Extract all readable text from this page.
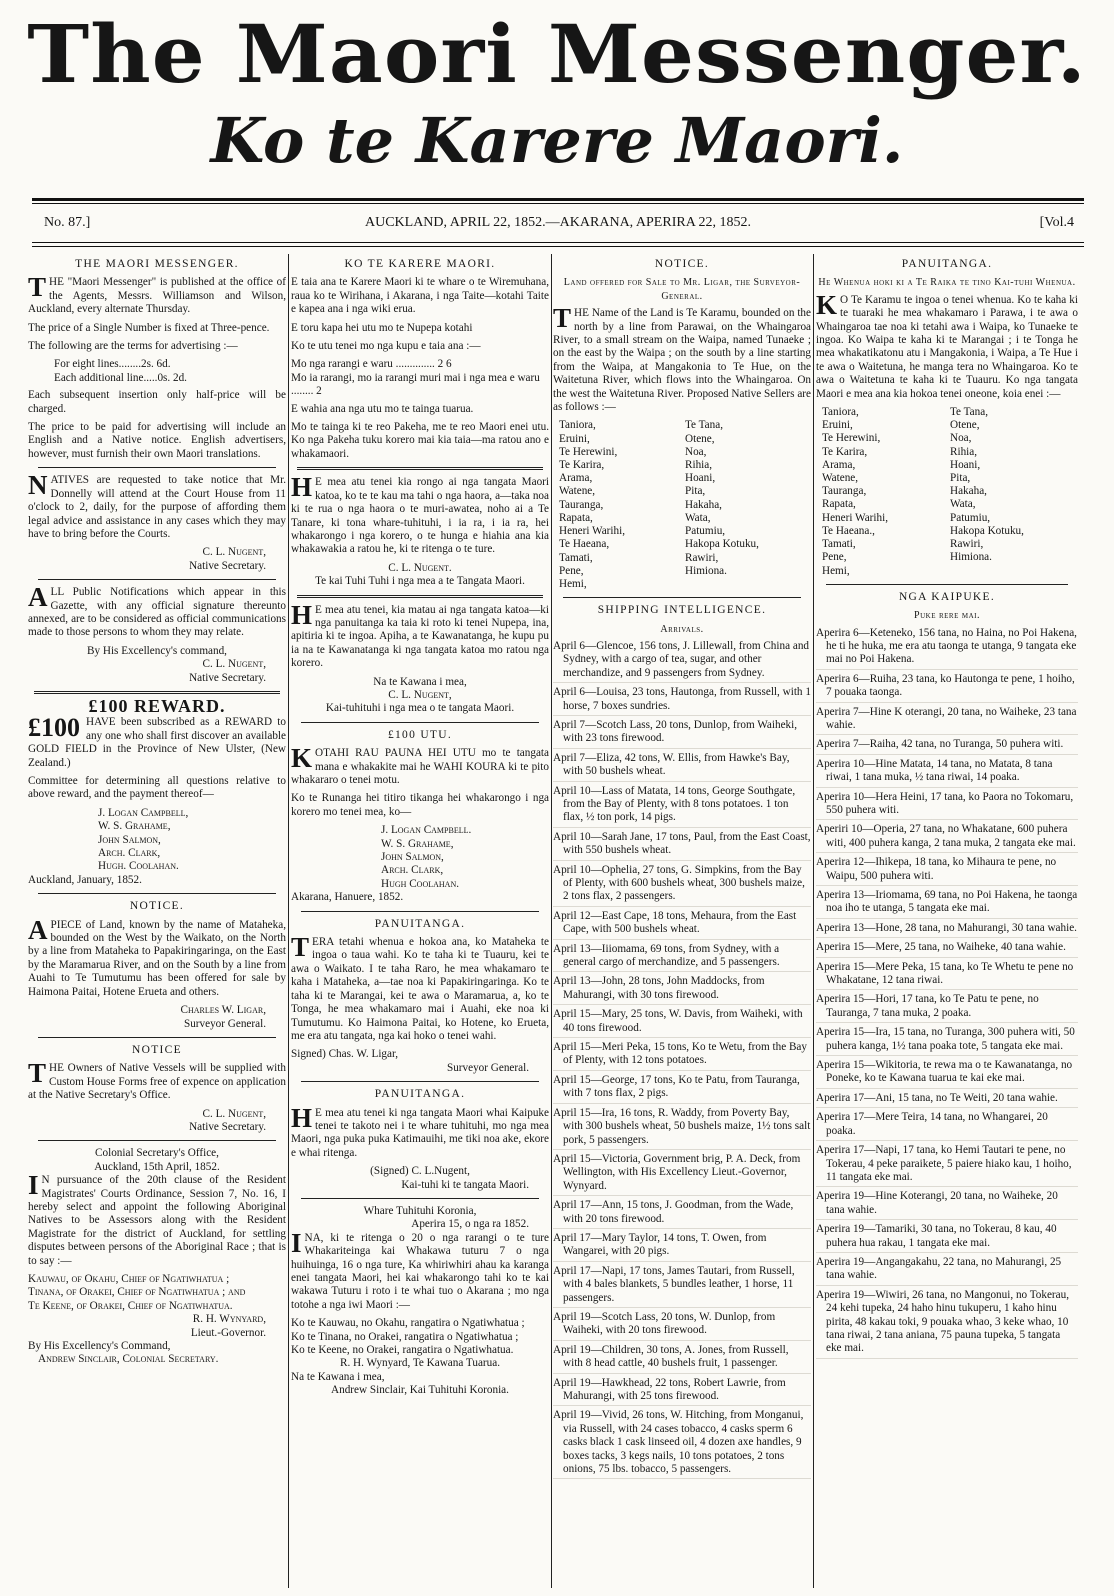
The Maori Messenger.
Ko te Karere Maori.
No. 87.]	AUCKLAND, APRIL 22, 1852.—AKARANA, APERIRA 22, 1852.	[Vol.4
THE MAORI MESSENGER.

THE "Maori Messenger" is published at the office of the Agents, Messrs. Williamson and Wilson, Auckland, every alternate Thursday.

The price of a Single Number is fixed at Three-pence.

The following are the terms for advertising :—

For eight lines........2s. 6d.
Each additional line.....0s. 2d.

Each subsequent insertion only half-price will be charged.

The price to be paid for advertising will include an English and a Native notice. English advertisers, however, must furnish their own Maori translations.

NATIVES are requested to take notice that Mr. Donnelly will attend at the Court House from 11 o'clock to 2, daily, for the purpose of affording them legal advice and assistance in any cases which they may have to bring before the Courts.

C. L. Nugent,
Native Secretary.

ALL Public Notifications which appear in this Gazette, with any official signature thereunto annexed, are to be considered as official communications made to those persons to whom they may relate.

By His Excellency's command,
C. L. Nugent,
Native Secretary.
£100 REWARD.

£100 HAVE been subscribed as a REWARD to any one who shall first discover an available GOLD FIELD in the Province of New Ulster, (New Zealand.)

Committee for determining all questions relative to above reward, and the payment thereof—

J. Logan Campbell,
W. S. Grahame,
John Salmon,
Arch. Clark,
Hugh. Coolahan.
Auckland, January, 1852.
NOTICE.

APIECE of Land, known by the name of Mataheka, bounded on the West by the Waikato, on the North by a line from Mataheka to Papakiringaringa, on the East by the Maramarua River, and on the South by a line from Auahi to Te Tumutumu has been offered for sale by Haimona Paitai, Hotene Erueta and others.

Charles W. Ligar,
Surveyor General.
NOTICE

THE Owners of Native Vessels will be supplied with Custom House Forms free of expence on application at the Native Secretary's Office.

C. L. Nugent,
Native Secretary.
Colonial Secretary's Office,
Auckland, 15th April, 1852.

IN pursuance of the 20th clause of the Resident Magistrates' Courts Ordinance, Session 7, No. 16, I hereby select and appoint the following Aboriginal Natives to be Assessors along with the Resident Magistrate for the district of Auckland, for settling disputes between persons of the Aboriginal Race ; that is to say :—

Kauwau, of Okahu, Chief of Ngatiwhatua ;
Tinana, of Orakei, Chief of Ngatiwhatua ; and
Te Keene, of Orakei, Chief of Ngatiwhatua.
R. H. Wynyard,
Lieut.-Governor.
By His Excellency's Command,
Andrew Sinclair, Colonial Secretary.
KO TE KARERE MAORI.

E taia ana te Karere Maori ki te whare o te Wiremuhana, raua ko te Wirihana, i Akarana, i nga Taite—kotahi Taite e kapea ana i nga wiki erua.

E toru kapa hei utu mo te Nupepa kotahi

Ko te utu tenei mo nga kupu e taia ana :—

Mo nga rarangi e waru .............. 2 6
Mo ia rarangi, mo ia rarangi muri mai i nga mea e waru ........ 2

E wahia ana nga utu mo te tainga tuarua.

Mo te tainga ki te reo Pakeha, me te reo Maori enei utu. Ko nga Pakeha tuku korero mai kia taia—ma ratou ano e whakamaori.

HE mea atu tenei kia rongo ai nga tangata Maori katoa, ko te te kau ma tahi o nga haora, a—taka noa ki te rua o nga haora o te muri-awatea, noho ai a Te Tanare, ki tona whare-tuhituhi, i ia ra, i ia ra, hei whakarongo i nga korero, o te hunga e hiahia ana kia whakawakia a ratou he, ki te ritenga o te ture.

C. L. Nugent.
Te kai Tuhi Tuhi i nga mea a te Tangata Maori.

HE mea atu tenei, kia matau ai nga tangata katoa—ki nga panuitanga ka taia ki roto ki tenei Nupepa, ina, apitiria ki te ingoa. Apiha, a te Kawanatanga, he kupu pu ia na te Kawanatanga ki nga tangata katoa mo ratou nga korero.

Na te Kawana i mea,
C. L. Nugent,
Kai-tuhituhi i nga mea o te tangata Maori.
£100 UTU.

KOTAHI RAU PAUNA HEI UTU mo te tangata mana e whakakite mai he WAHI KOURA ki te pito whakararo o tenei motu.

Ko te Runanga hei titiro tikanga hei whakarongo i nga korero mo tenei mea, ko—

J. Logan Campbell.
W. S. Grahame,
John Salmon,
Arch. Clark,
Hugh Coolahan.
Akarana, Hanuere, 1852.
PANUITANGA.

TERA tetahi whenua e hokoa ana, ko Mataheka te ingoa o taua wahi. Ko te taha ki te Tuauru, kei te awa o Waikato. I te taha Raro, he mea whakamaro te kaha i Mataheka, a—tae noa ki Papakiringaringa. Ko te taha ki te Marangai, kei te awa o Maramarua, a, ko te Tonga, he mea whakamaro mai i Auahi, eke noa ki Tumutumu. Ko Haimona Paitai, ko Hotene, ko Erueta, me era atu tangata, nga kai hoko o tenei wahi.

Signed) Chas. W. Ligar,
Surveyor General.
PANUITANGA.

HE mea atu tenei ki nga tangata Maori whai Kaipuke tenei te takoto nei i te whare tuhituhi, mo nga mea Maori, nga puka puka Katimauihi, me tiki noa ake, ekore e whai ritenga.

(Signed) C. L.Nugent,
Kai-tuhi ki te tangata Maori.
Whare Tuhituhi Koronia,
Aperira 15, o nga ra 1852.

INA, ki te ritenga o 20 o nga rarangi o te ture Whakariteinga kai Whakawa tuturu 7 o nga huihuinga, 16 o nga ture, Ka whiriwhiri ahau ka karanga enei tangata Maori, hei kai whakarongo tahi ko te kai wakawa Tuturu i roto i te whai tuo o Akarana ; mo nga totohe a nga iwi Maori :—

Ko te Kauwau, no Okahu, rangatira o Ngatiwhatua ;
Ko te Tinana, no Orakei, rangatira o Ngatiwhatua ;
Ko te Keene, no Orakei, rangatira o Ngatiwhatua.
R. H. Wynyard, Te Kawana Tuarua.
Na te Kawana i mea,
Andrew Sinclair, Kai Tuhituhi Koronia.
NOTICE.
Land offered for Sale to Mr. Ligar, the Surveyor-General.

THE Name of the Land is Te Karamu, bounded on the north by a line from Parawai, on the Whaingaroa River, to a small stream on the Waipa, named Tunaeke ; on the east by the Waipa ; on the south by a line starting from the Waipa, at Mangakonia to Te Hue, on the Waitetuna River, which flows into the Whaingaroa. On the west the Waitetuna River. Proposed Native Sellers are as follows :—

Taniora,	Te Tana,
Eruini,	Otene,
Te Herewini,	Noa,
Te Karira,	Rihia,
Arama,	Hoani,
Watene,	Pita,
Tauranga,	Hakaha,
Rapata,	Wata,
Heneri Warihi,	Patumiu,
Te Haeana,	Hakopa Kotuku,
Tamati,	Rawiri,
Pene,	Himiona.
Hemi,
SHIPPING INTELLIGENCE.
Arrivals.

April 6—Glencoe, 156 tons, J. Lillewall, from China and Sydney, with a cargo of tea, sugar, and other merchandize, and 9 passengers from Sydney.

April 6—Louisa, 23 tons, Hautonga, from Russell, with 1 horse, 7 boxes sundries.

April 7—Scotch Lass, 20 tons, Dunlop, from Waiheki, with 23 tons firewood.

April 7—Eliza, 42 tons, W. Ellis, from Hawke's Bay, with 50 bushels wheat.

April 10—Lass of Matata, 14 tons, George Southgate, from the Bay of Plenty, with 8 tons potatoes. 1 ton flax, ½ ton pork, 14 pigs.

April 10—Sarah Jane, 17 tons, Paul, from the East Coast, with 550 bushels wheat.

April 10—Ophelia, 27 tons, G. Simpkins, from the Bay of Plenty, with 600 bushels wheat, 300 bushels maize, 2 tons flax, 2 passengers.

April 12—East Cape, 18 tons, Mehaura, from the East Cape, with 500 bushels wheat.

April 13—Iiiomama, 69 tons, from Sydney, with a general cargo of merchandize, and 5 passengers.

April 13—John, 28 tons, John Maddocks, from Mahurangi, with 30 tons firewood.

April 15—Mary, 25 tons, W. Davis, from Waiheki, with 40 tons firewood.

April 15—Meri Peka, 15 tons, Ko te Wetu, from the Bay of Plenty, with 12 tons potatoes.

April 15—George, 17 tons, Ko te Patu, from Tauranga, with 7 tons flax, 2 pigs.

April 15—Ira, 16 tons, R. Waddy, from Poverty Bay, with 300 bushels wheat, 50 bushels maize, 1½ tons salt pork, 5 passengers.

April 15—Victoria, Government brig, P. A. Deck, from Wellington, with His Excellency Lieut.-Governor, Wynyard.

April 17—Ann, 15 tons, J. Goodman, from the Wade, with 20 tons firewood.

April 17—Mary Taylor, 14 tons, T. Owen, from Wangarei, with 20 pigs.

April 17—Napi, 17 tons, James Tautari, from Russell, with 4 bales blankets, 5 bundles leather, 1 horse, 11 passengers.

April 19—Scotch Lass, 20 tons, W. Dunlop, from Waiheki, with 20 tons firewood.

April 19—Children, 30 tons, A. Jones, from Russell, with 8 head cattle, 40 bushels fruit, 1 passenger.

April 19—Hawkhead, 22 tons, Robert Lawrie, from Mahurangi, with 25 tons firewood.

April 19—Vivid, 26 tons, W. Hitching, from Monganui, via Russell, with 24 cases tobacco, 4 casks sperm 6 casks black 1 cask linseed oil, 4 dozen axe handles, 9 boxes tacks, 3 kegs nails, 10 tons potatoes, 2 tons onions, 75 lbs. tobacco, 5 passengers.

PANUITANGA.
He Whenua hoki ki a Te Raika te tino Kai-tuhi Whenua.

KO Te Karamu te ingoa o tenei whenua. Ko te kaha ki te tuaraki he mea whakamaro i Parawa, i te awa o Whaingaroa tae noa ki tetahi awa i Waipa, ko Tunaeke te ingoa. Ko Waipa te kaha ki te Marangai ; i te Tonga he mea whakatikatonu atu i Mangakonia, i Waipa, a Te Hue i te awa o Waitetuna, he manga tera no Whaingaroa. Ko te awa o Waitetuna te kaha ki te Tuauru. Ko nga tangata Maori e mea ana kia hokoa tenei oneone, koia enei :—

Taniora,	Te Tana,
Eruini,	Otene,
Te Herewini,	Noa,
Te Karira,	Rihia,
Arama,	Hoani,
Watene,	Pita,
Tauranga,	Hakaha,
Rapata,	Wata,
Heneri Warihi,	Patumiu,
Te Haeana.,	Hakopa Kotuku,
Tamati,	Rawiri,
Pene,	Himiona.
Hemi,
NGA KAIPUKE.
Puke rere mai.

Aperira 6—Keteneko, 156 tana, no Haina, no Poi Hakena, he ti he huka, me era atu taonga te utanga, 9 tangata eke mai no Poi Hakena.

Aperira 6—Ruiha, 23 tana, ko Hautonga te pene, 1 hoiho, 7 pouaka taonga.

Aperira 7—Hine K oterangi, 20 tana, no Waiheke, 23 tana wahie.

Aperira 7—Raiha, 42 tana, no Turanga, 50 puhera witi.

Aperira 10—Hine Matata, 14 tana, no Matata, 8 tana riwai, 1 tana muka, ½ tana riwai, 14 poaka.

Aperira 10—Hera Heini, 17 tana, ko Paora no Tokomaru, 550 puhera witi.

Aperiri 10—Operia, 27 tana, no Whakatane, 600 puhera witi, 400 puhera kanga, 2 tana muka, 2 tangata eke mai.

Aperira 12—Ihikepa, 18 tana, ko Mihaura te pene, no Waipu, 500 puhera witi.

Aperira 13—Iriomama, 69 tana, no Poi Hakena, he taonga noa iho te utanga, 5 tangata eke mai.

Aperira 13—Hone, 28 tana, no Mahurangi, 30 tana wahie.

Aperira 15—Mere, 25 tana, no Waiheke, 40 tana wahie.

Aperira 15—Mere Peka, 15 tana, ko Te Whetu te pene no Whakatane, 12 tana riwai.

Aperira 15—Hori, 17 tana, ko Te Patu te pene, no Tauranga, 7 tana muka, 2 poaka.

Aperira 15—Ira, 15 tana, no Turanga, 300 puhera witi, 50 puhera kanga, 1½ tana poaka tote, 5 tangata eke mai.

Aperira 15—Wikitoria, te rewa ma o te Kawanatanga, no Poneke, ko te Kawana tuarua te kai eke mai.

Aperira 17—Ani, 15 tana, no Te Weiti, 20 tana wahie.

Aperira 17—Mere Teira, 14 tana, no Whangarei, 20 poaka.

Aperira 17—Napi, 17 tana, ko Hemi Tautari te pene, no Tokerau, 4 peke paraikete, 5 paiere hiako kau, 1 hoiho, 11 tangata eke mai.

Aperira 19—Hine Koterangi, 20 tana, no Waiheke, 20 tana wahie.

Aperira 19—Tamariki, 30 tana, no Tokerau, 8 kau, 40 puhera hua rakau, 1 tangata eke mai.

Aperira 19—Angangakahu, 22 tana, no Mahurangi, 25 tana wahie.

Aperira 19—Wiwiri, 26 tana, no Mangonui, no Tokerau, 24 kehi tupeka, 24 haho hinu tukuperu, 1 kaho hinu pirita, 48 kakau toki, 9 pouaka whao, 3 keke whao, 10 tana riwai, 2 tana aniana, 75 pauna tupeka, 5 tangata eke mai.
